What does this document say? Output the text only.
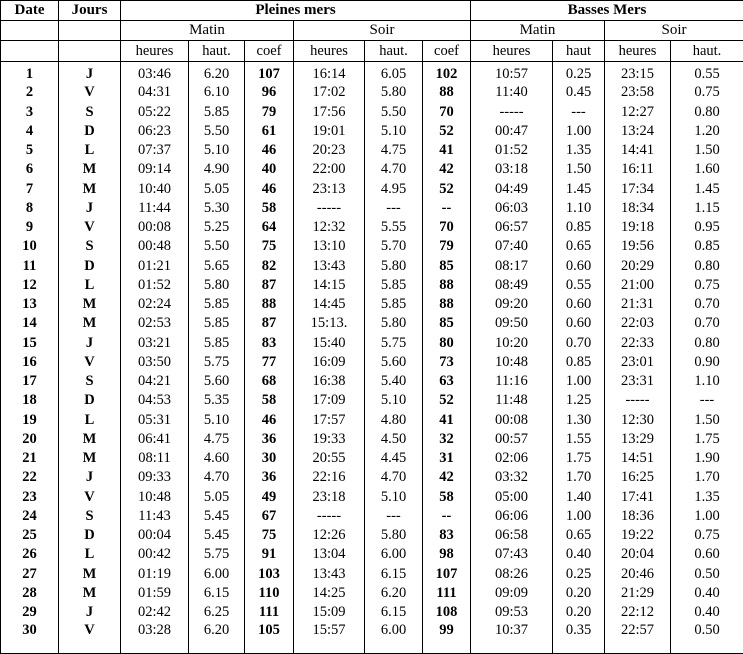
Date	Jours	Pleines mers						Basses Mers			
		Matin			Soir			Matin		Soir	
		heures	haut.	coef	heures	haut.	coef	heures	haut	heures	haut.
1	J	03:46	6.20	107	16:14	6.05	102	10:57	0.25	23:15	0.55
2	V	04:31	6.10	96	17:02	5.80	88	11:40	0.45	23:58	0.75
3	S	05:22	5.85	79	17:56	5.50	70	-----	---	12:27	0.80
4	D	06:23	5.50	61	19:01	5.10	52	00:47	1.00	13:24	1.20
5	L	07:37	5.10	46	20:23	4.75	41	01:52	1.35	14:41	1.50
6	M	09:14	4.90	40	22:00	4.70	42	03:18	1.50	16:11	1.60
7	M	10:40	5.05	46	23:13	4.95	52	04:49	1.45	17:34	1.45
8	J	11:44	5.30	58	-----	---	--	06:03	1.10	18:34	1.15
9	V	00:08	5.25	64	12:32	5.55	70	06:57	0.85	19:18	0.95
10	S	00:48	5.50	75	13:10	5.70	79	07:40	0.65	19:56	0.85
11	D	01:21	5.65	82	13:43	5.80	85	08:17	0.60	20:29	0.80
12	L	01:52	5.80	87	14:15	5.85	88	08:49	0.55	21:00	0.75
13	M	02:24	5.85	88	14:45	5.85	88	09:20	0.60	21:31	0.70
14	M	02:53	5.85	87	15:13.	5.80	85	09:50	0.60	22:03	0.70
15	J	03:21	5.85	83	15:40	5.75	80	10:20	0.70	22:33	0.80
16	V	03:50	5.75	77	16:09	5.60	73	10:48	0.85	23:01	0.90
17	S	04:21	5.60	68	16:38	5.40	63	11:16	1.00	23:31	1.10
18	D	04:53	5.35	58	17:09	5.10	52	11:48	1.25	-----	---
19	L	05:31	5.10	46	17:57	4.80	41	00:08	1.30	12:30	1.50
20	M	06:41	4.75	36	19:33	4.50	32	00:57	1.55	13:29	1.75
21	M	08:11	4.60	30	20:55	4.45	31	02:06	1.75	14:51	1.90
22	J	09:33	4.70	36	22:16	4.70	42	03:32	1.70	16:25	1.70
23	V	10:48	5.05	49	23:18	5.10	58	05:00	1.40	17:41	1.35
24	S	11:43	5.45	67	-----	---	--	06:06	1.00	18:36	1.00
25	D	00:04	5.45	75	12:26	5.80	83	06:58	0.65	19:22	0.75
26	L	00:42	5.75	91	13:04	6.00	98	07:43	0.40	20:04	0.60
27	M	01:19	6.00	103	13:43	6.15	107	08:26	0.25	20:46	0.50
28	M	01:59	6.15	110	14:25	6.20	111	09:09	0.20	21:29	0.40
29	J	02:42	6.25	111	15:09	6.15	108	09:53	0.20	22:12	0.40
30	V	03:28	6.20	105	15:57	6.00	99	10:37	0.35	22:57	0.50
